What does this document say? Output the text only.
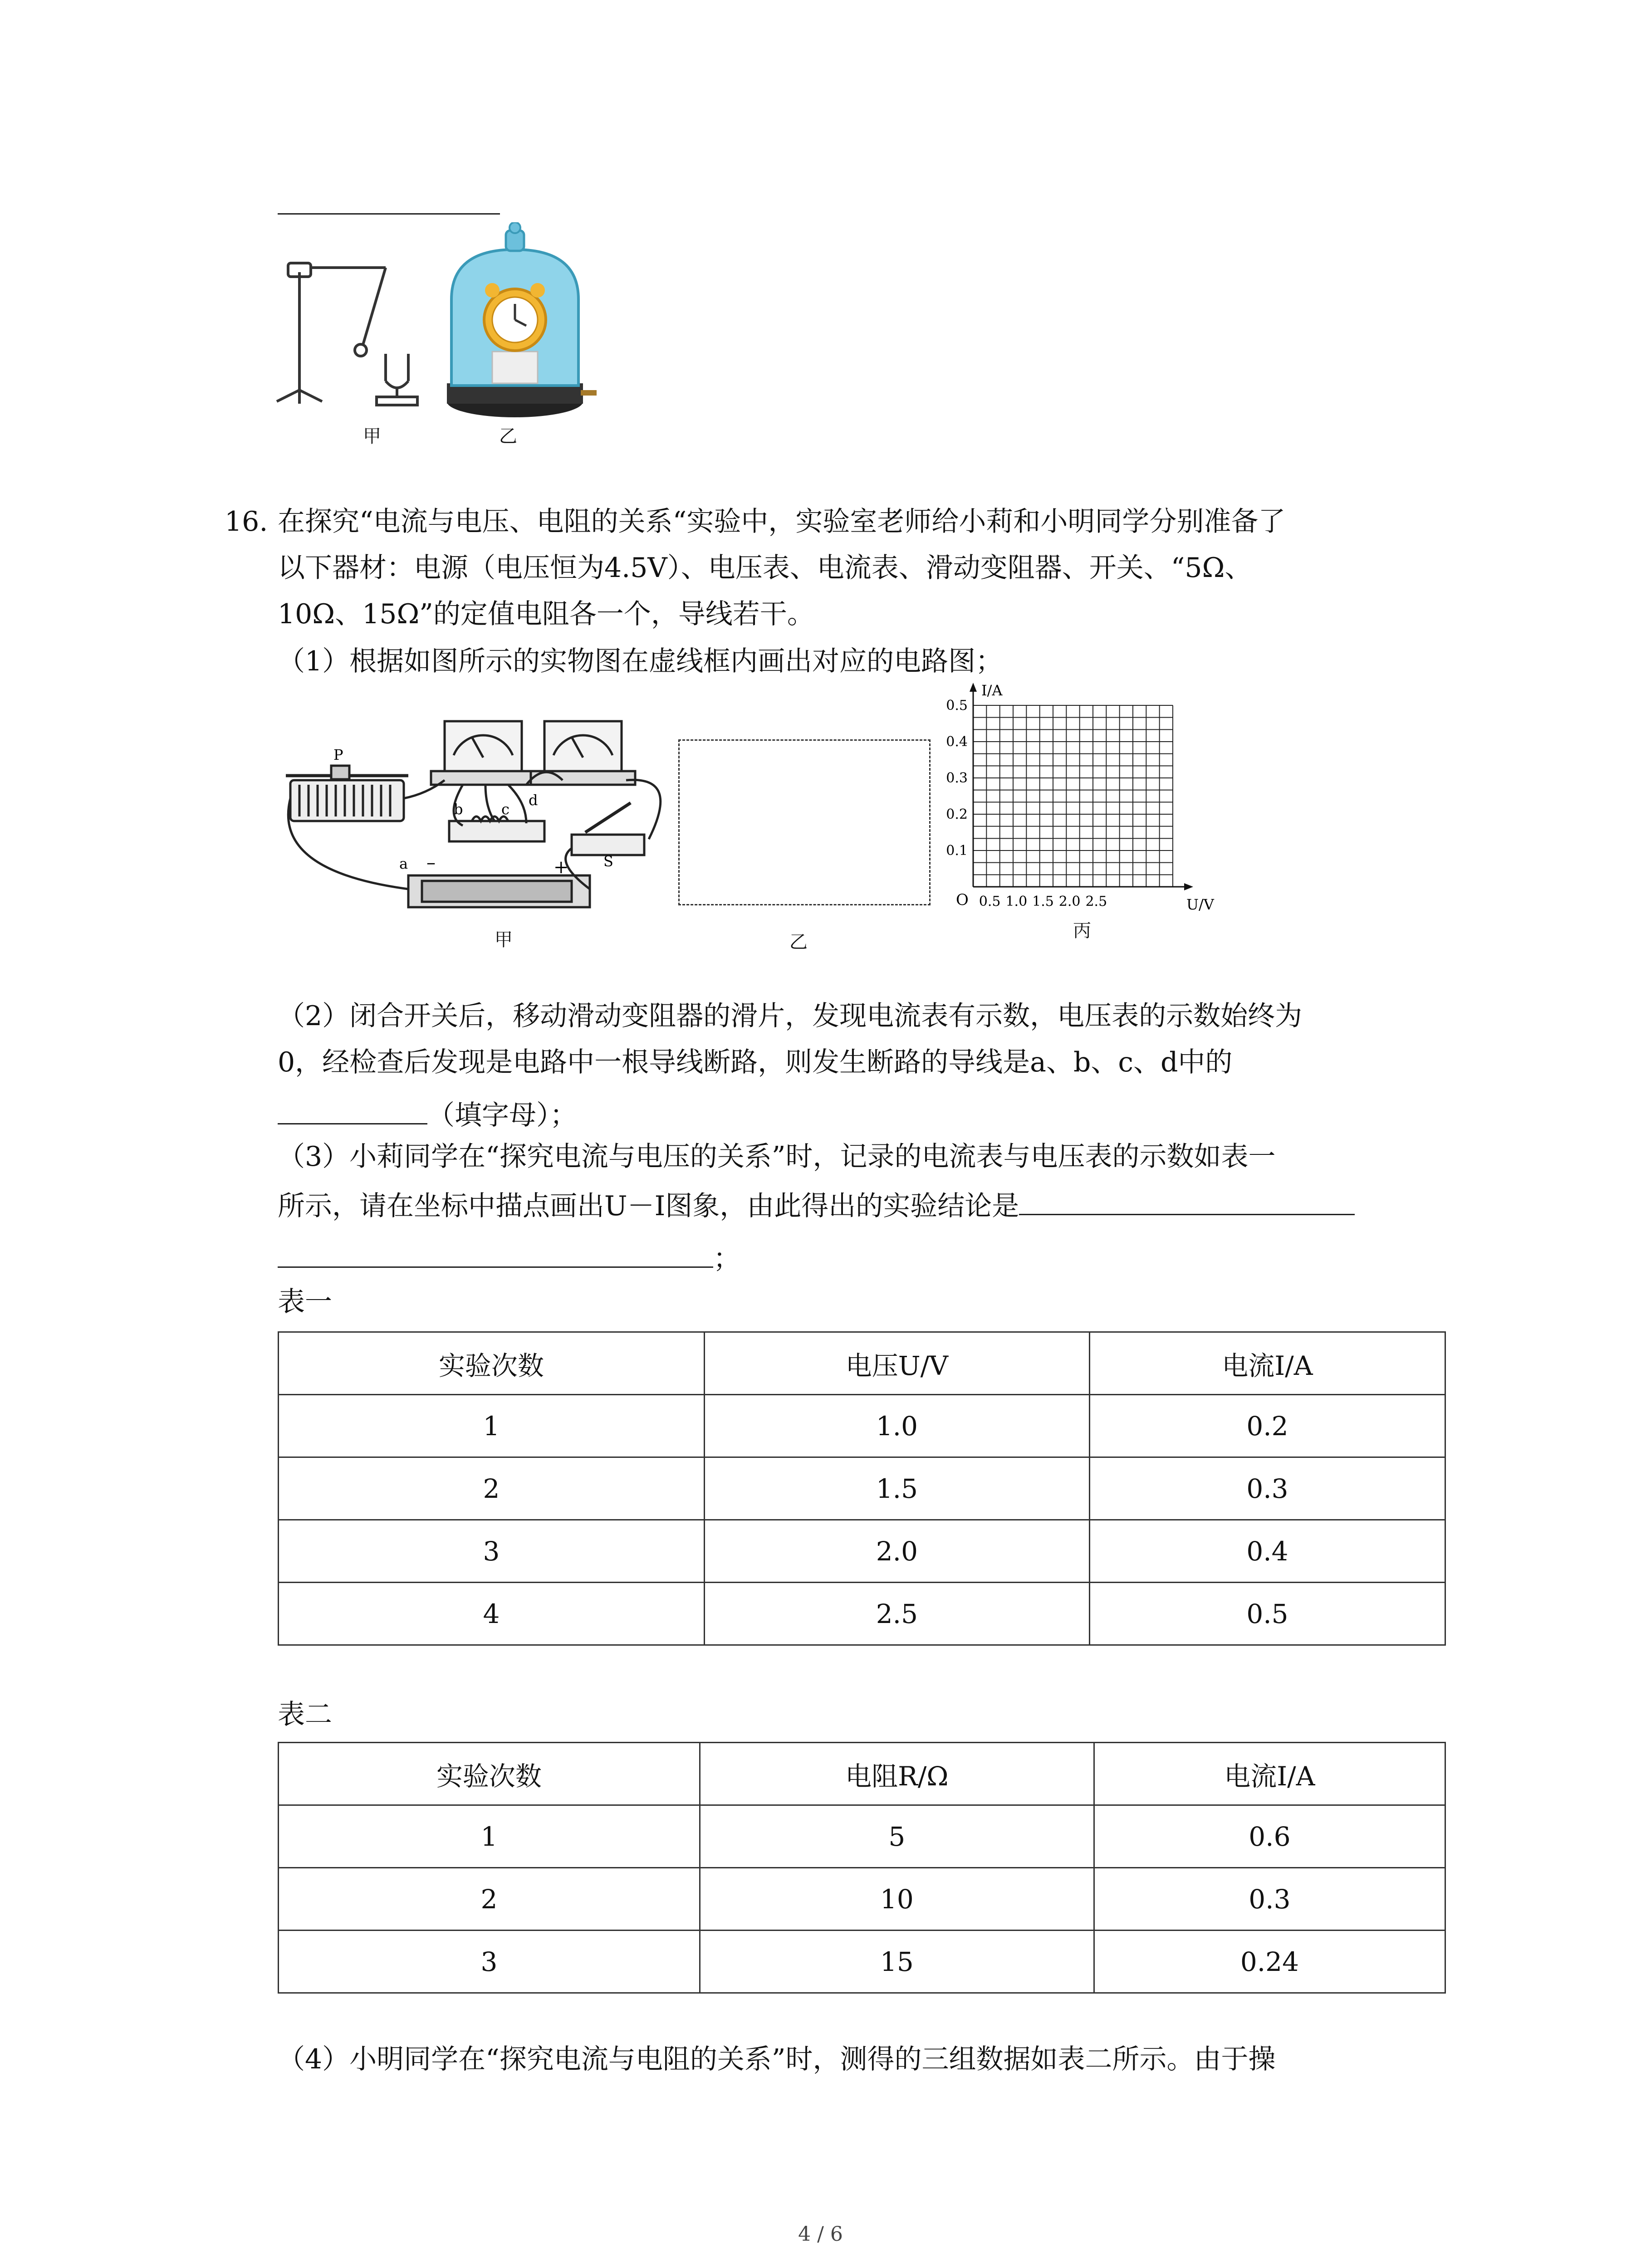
甲	乙
16. 在探究“电流与电压、电阻的关系“实验中，实验室老师给小莉和小明同学分别准备了
以下器材：电源（电压恒为4.5V）、电压表、电流表、滑动变阻器、开关、“5Ω、
10Ω、15Ω”的定值电阻各一个，导线若干。
（1）根据如图所示的实物图在虚线框内画出对应的电路图；
P
a
b	c
d
S
–	+
甲	乙
0.5
0.4
0.3
0.2
0.1
0.5 1.0 1.5 2.0 2.5
O
I/A
U/V
丙
（2）闭合开关后，移动滑动变阻器的滑片，发现电流表有示数，电压表的示数始终为
0，经检查后发现是电路中一根导线断路，则发生断路的导线是a、b、c、d中的
（填字母）；
（3）小莉同学在“探究电流与电压的关系”时，记录的电流表与电压表的示数如表一
所示，请在坐标中描点画出U－I图象，由此得出的实验结论是
；
表一
实验次数	电压U/V	电流I/A
1	1.0	0.2
2	1.5	0.3
3	2.0	0.4
4	2.5	0.5
表二
实验次数	电阻R/Ω	电流I/A
1	5	0.6
2	10	0.3
3	15	0.24
（4）小明同学在“探究电流与电阻的关系”时，测得的三组数据如表二所示。由于操
4 / 6
